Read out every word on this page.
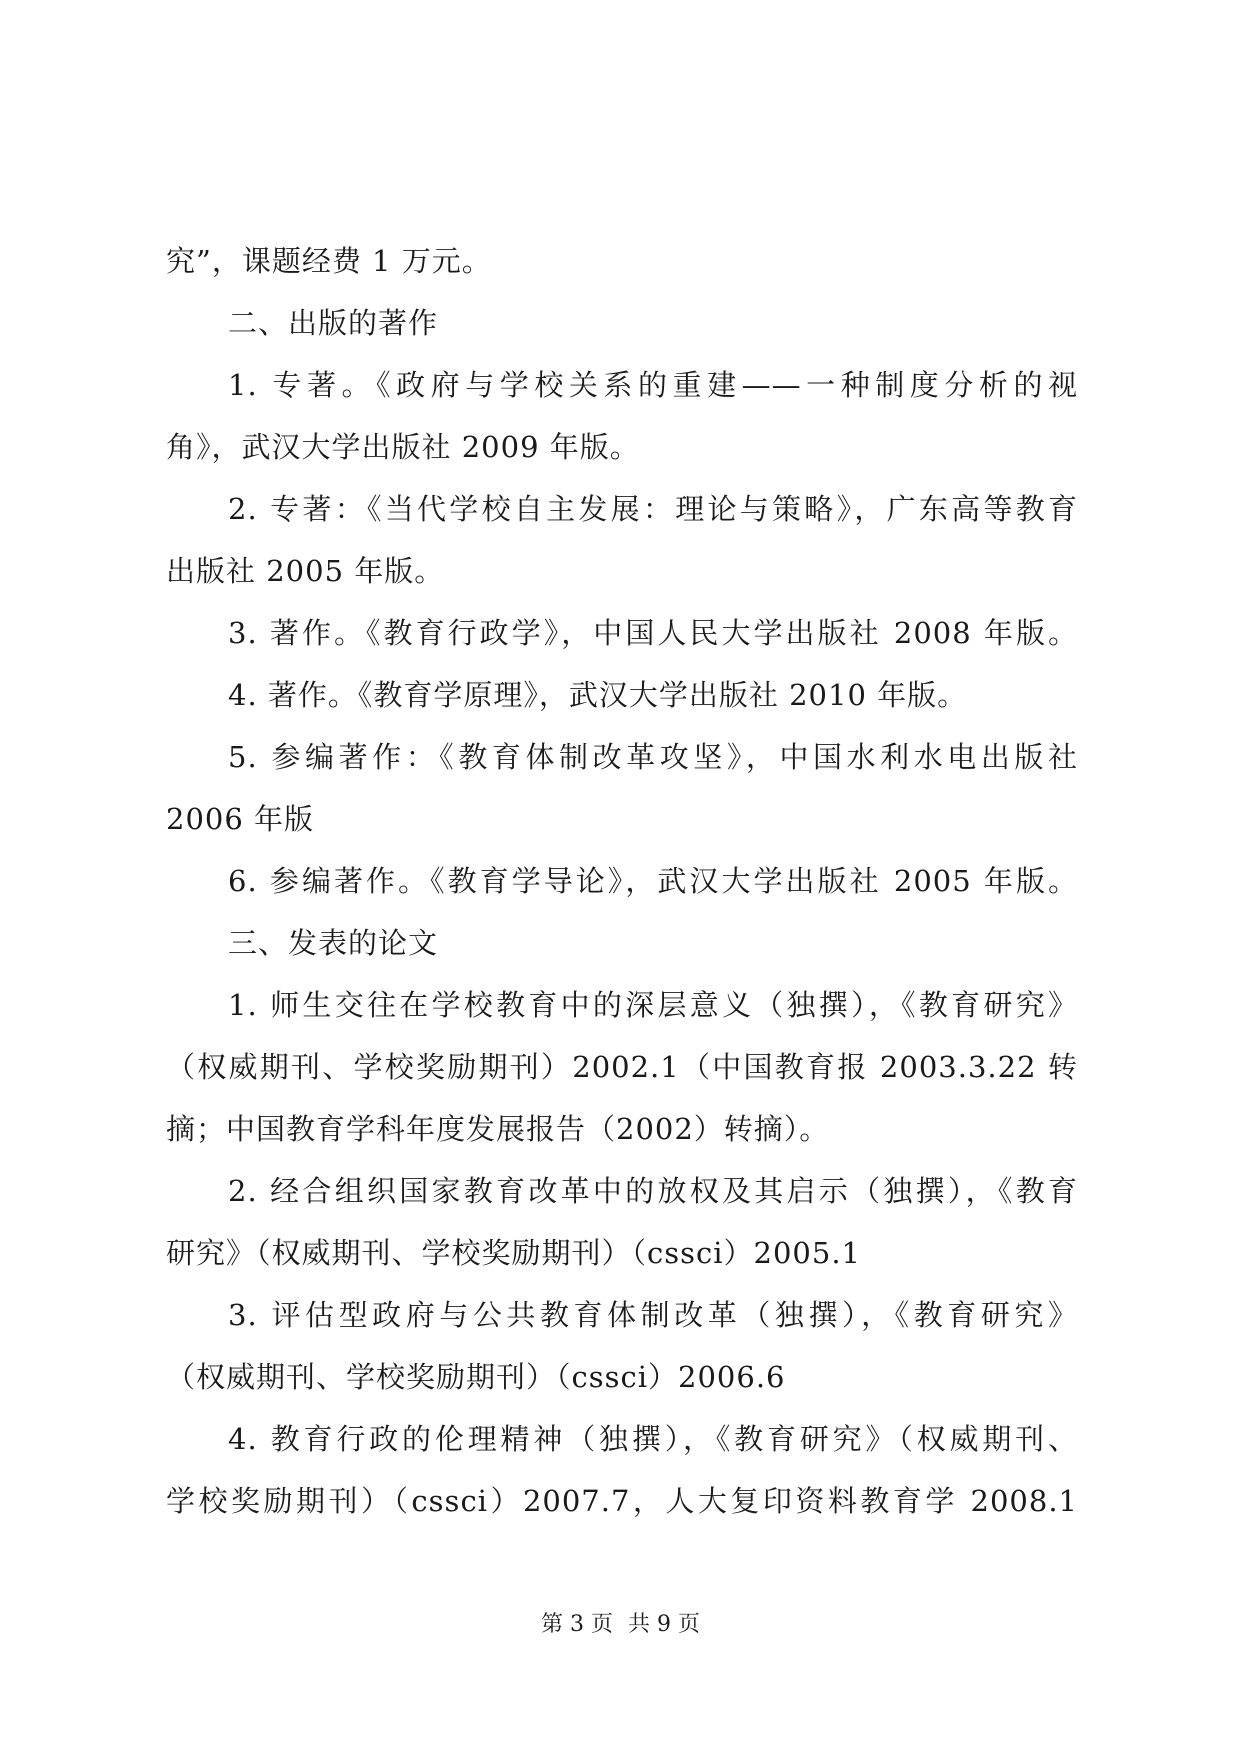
究”，课题经费 1 万元。
二、出版的著作
1. 专著。《政府与学校关系的重建——一种制度分析的视
角》，武汉大学出版社 2009 年版。
2. 专著：《当代学校自主发展：理论与策略》，广东高等教育
出版社 2005 年版。
3. 著作。《教育行政学》，中国人民大学出版社 2008 年版。
4. 著作。《教育学原理》，武汉大学出版社 2010 年版。
5. 参编著作：《教育体制改革攻坚》，中国水利水电出版社
2006 年版
6. 参编著作。《教育学导论》，武汉大学出版社 2005 年版。
三、发表的论文
1. 师生交往在学校教育中的深层意义（独撰），《教育研究》
（权威期刊、学校奖励期刊）2002.1（中国教育报 2003.3.22 转
摘；中国教育学科年度发展报告（2002）转摘）。
2. 经合组织国家教育改革中的放权及其启示（独撰），《教育
研究》（权威期刊、学校奖励期刊）（cssci）2005.1
3. 评估型政府与公共教育体制改革（独撰），《教育研究》
（权威期刊、学校奖励期刊）（cssci）2006.6
4. 教育行政的伦理精神（独撰），《教育研究》（权威期刊、
学校奖励期刊）（cssci）2007.7，人大复印资料教育学 2008.1
第 3 页 共 9 页
